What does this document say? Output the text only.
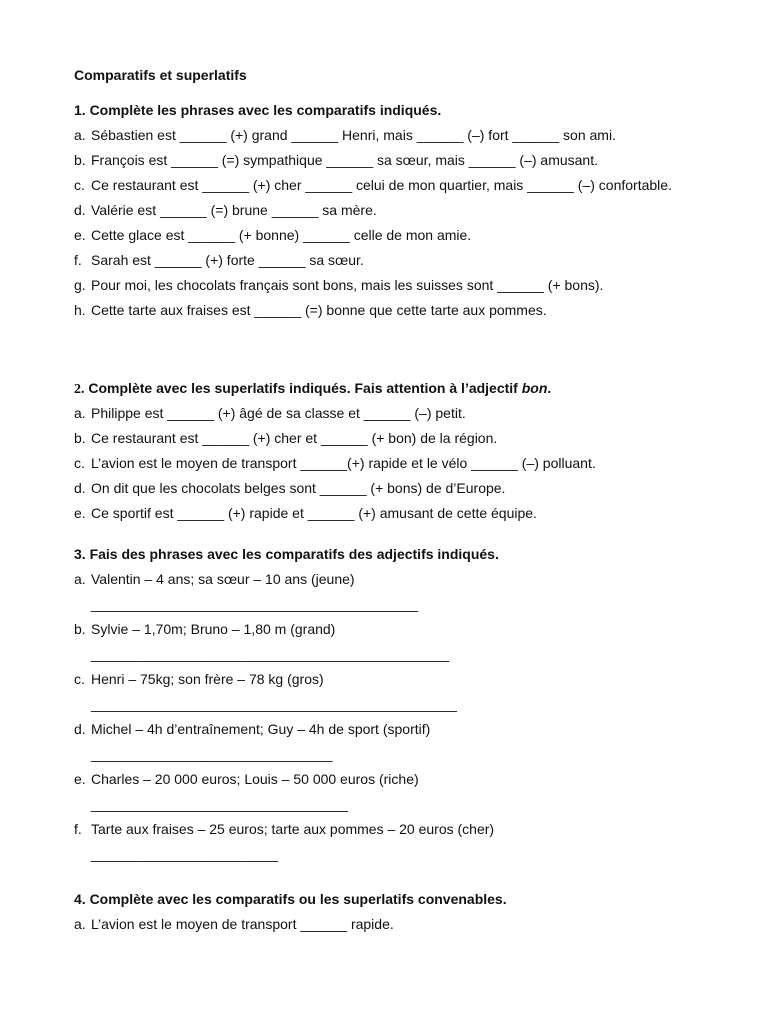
Comparatifs et superlatifs
1. Complète les phrases avec les comparatifs indiqués.
a. Sébastien est ______ (+) grand ______ Henri, mais ______ (–) fort ______ son ami.
b. François est ______ (=) sympathique ______ sa sœur, mais ______ (–) amusant.
c. Ce restaurant est ______ (+) cher ______ celui de mon quartier, mais ______ (–) confortable.
d. Valérie est ______ (=) brune ______ sa mère.
e. Cette glace est ______ (+ bonne) ______ celle de mon amie.
f. Sarah est ______ (+) forte ______ sa sœur.
g. Pour moi, les chocolats français sont bons, mais les suisses sont ______ (+ bons).
h. Cette tarte aux fraises est ______ (=) bonne que cette tarte aux pommes.
2. Complète avec les superlatifs indiqués. Fais attention à l’adjectif bon.
a. Philippe est ______ (+) âgé de sa classe et ______ (–) petit.
b. Ce restaurant est ______ (+) cher et ______ (+ bon) de la région.
c. L’avion est le moyen de transport ______(+) rapide et le vélo ______ (–) polluant.
d. On dit que les chocolats belges sont ______ (+ bons) de d’Europe.
e. Ce sportif est ______ (+) rapide et ______ (+) amusant de cette équipe.
3. Fais des phrases avec les comparatifs des adjectifs indiqués.
a. Valentin – 4 ans; sa sœur – 10 ans (jeune)
__________________________________________
b. Sylvie – 1,70m; Bruno – 1,80 m (grand)
______________________________________________
c. Henri – 75kg; son frère – 78 kg (gros)
_______________________________________________
d. Michel – 4h d’entraînement; Guy – 4h de sport (sportif)
_______________________________
e. Charles – 20 000 euros; Louis – 50 000 euros (riche)
_________________________________
f. Tarte aux fraises – 25 euros; tarte aux pommes – 20 euros (cher)
________________________
4. Complète avec les comparatifs ou les superlatifs convenables.
a. L’avion est le moyen de transport ______ rapide.
